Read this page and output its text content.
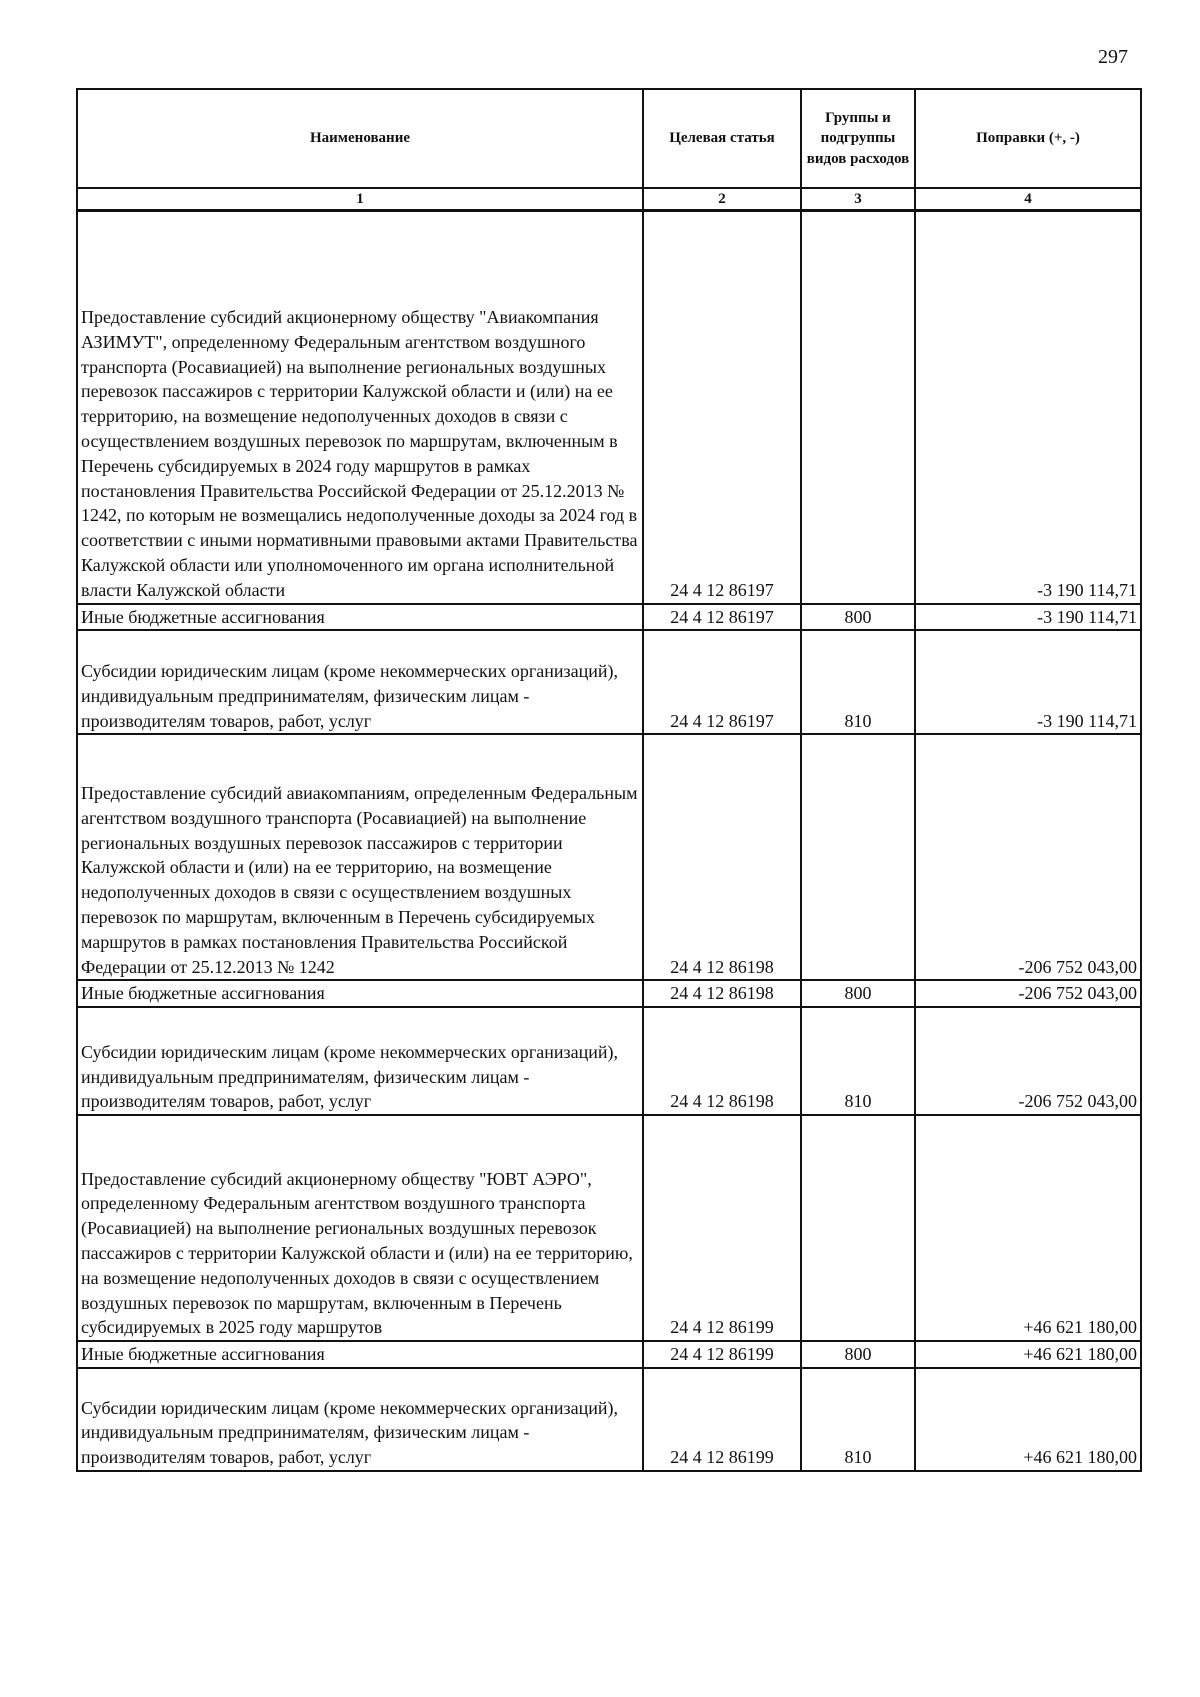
297
Наименование	Целевая статья	Группы и подгруппы видов расходов	Поправки (+, -)
1	2	3	4
Предоставление субсидий акционерному обществу "Авиакомпания АЗИМУТ", определенному Федеральным агентством воздушного транспорта (Росавиацией) на выполнение региональных воздушных перевозок пассажиров с территории Калужской области и (или) на ее территорию, на возмещение недополученных доходов в связи с осуществлением воздушных перевозок по маршрутам, включенным в Перечень субсидируемых в 2024 году маршрутов в рамках постановления Правительства Российской Федерации от 25.12.2013 № 1242, по которым не возмещались недополученные доходы за 2024 год в соответствии с иными нормативными правовыми актами Правительства Калужской области или уполномоченного им органа исполнительной власти Калужской области	24 4 12 86197		-3 190 114,71
Иные бюджетные ассигнования	24 4 12 86197	800	-3 190 114,71
Субсидии юридическим лицам (кроме некоммерческих организаций), индивидуальным предпринимателям, физическим лицам - производителям товаров, работ, услуг	24 4 12 86197	810	-3 190 114,71
Предоставление субсидий авиакомпаниям, определенным Федеральным агентством воздушного транспорта (Росавиацией) на выполнение региональных воздушных перевозок пассажиров с территории Калужской области и (или) на ее территорию, на возмещение недополученных доходов в связи с осуществлением воздушных перевозок по маршрутам, включенным в Перечень субсидируемых маршрутов в рамках постановления Правительства Российской Федерации от 25.12.2013 № 1242	24 4 12 86198		-206 752 043,00
Иные бюджетные ассигнования	24 4 12 86198	800	-206 752 043,00
Субсидии юридическим лицам (кроме некоммерческих организаций), индивидуальным предпринимателям, физическим лицам - производителям товаров, работ, услуг	24 4 12 86198	810	-206 752 043,00
Предоставление субсидий акционерному обществу "ЮВТ АЭРО", определенному Федеральным агентством воздушного транспорта (Росавиацией) на выполнение региональных воздушных перевозок пассажиров с территории Калужской области и (или) на ее территорию, на возмещение недополученных доходов в связи с осуществлением воздушных перевозок по маршрутам, включенным в Перечень субсидируемых в 2025 году маршрутов	24 4 12 86199		+46 621 180,00
Иные бюджетные ассигнования	24 4 12 86199	800	+46 621 180,00
Субсидии юридическим лицам (кроме некоммерческих организаций), индивидуальным предпринимателям, физическим лицам - производителям товаров, работ, услуг	24 4 12 86199	810	+46 621 180,00
